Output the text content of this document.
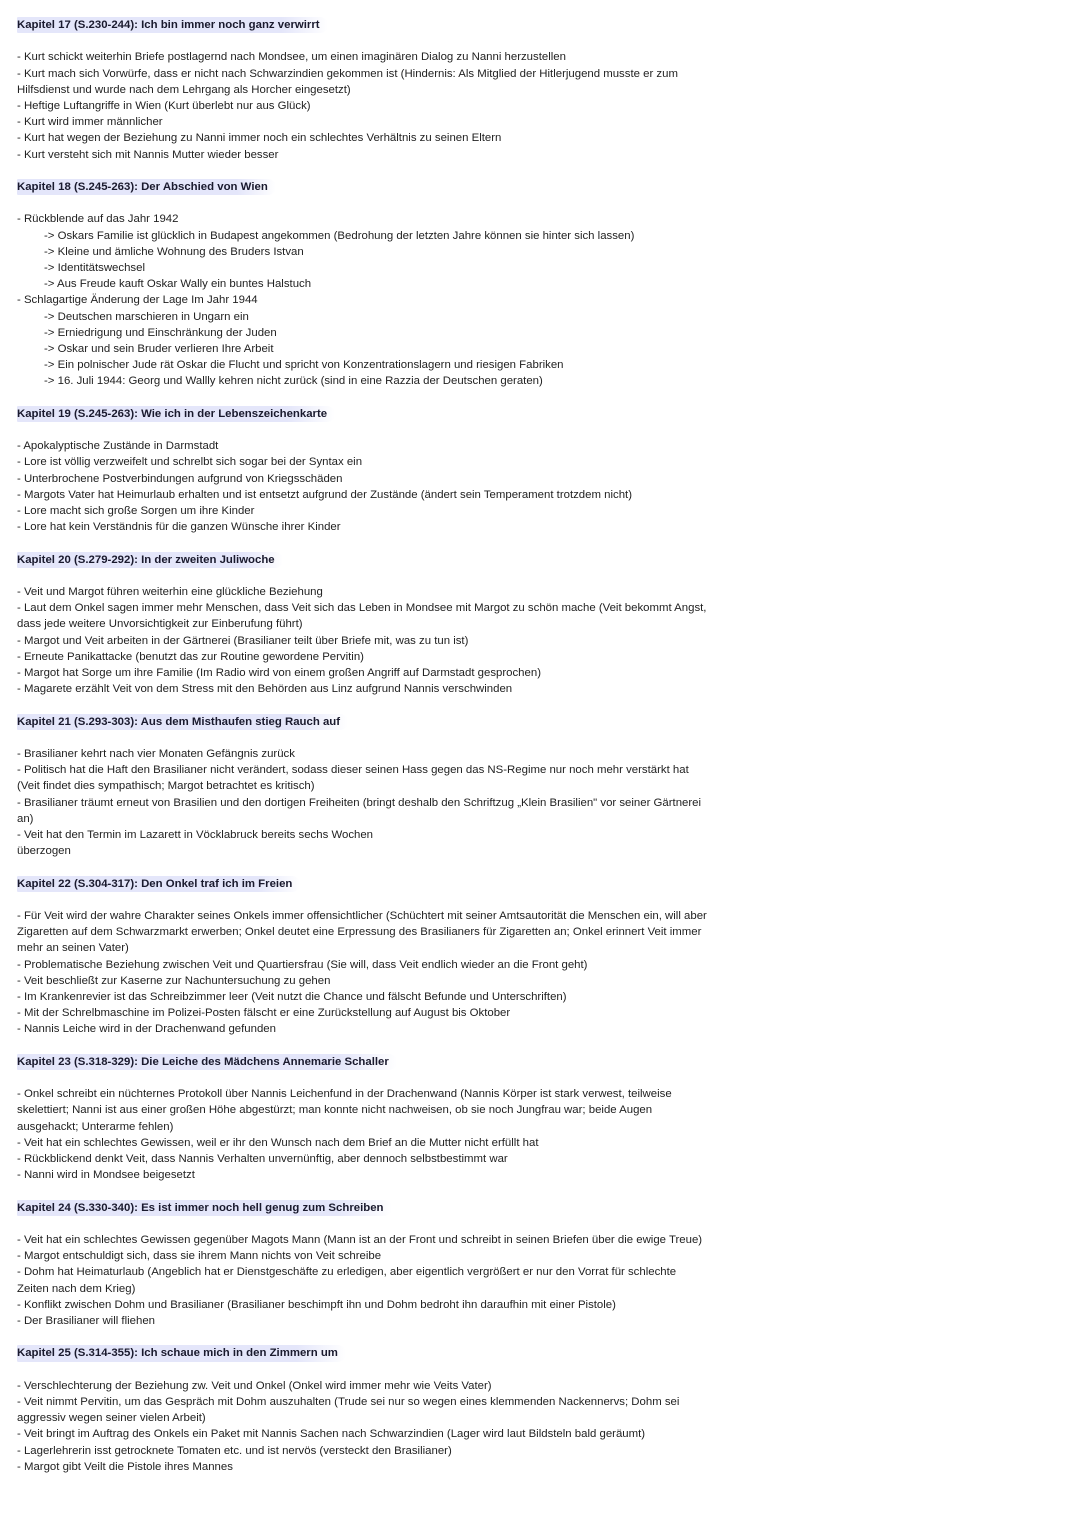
Kapitel 17 (S.230-244): Ich bin immer noch ganz verwirrt
- Kurt schickt weiterhin Briefe postlagernd nach Mondsee, um einen imaginären Dialog zu Nanni herzustellen
- Kurt mach sich Vorwürfe, dass er nicht nach Schwarzindien gekommen ist (Hindernis: Als Mitglied der Hitlerjugend musste er zum Hilfsdienst und wurde nach dem Lehrgang als Horcher eingesetzt)
- Heftige Luftangriffe in Wien (Kurt überlebt nur aus Glück)
- Kurt wird immer männlicher
- Kurt hat wegen der Beziehung zu Nanni immer noch ein schlechtes Verhältnis zu seinen Eltern
- Kurt versteht sich mit Nannis Mutter wieder besser
Kapitel 18 (S.245-263): Der Abschied von Wien
- Rückblende auf das Jahr 1942
-> Oskars Familie ist glücklich in Budapest angekommen (Bedrohung der letzten Jahre können sie hinter sich lassen)
-> Kleine und ämliche Wohnung des Bruders Istvan
-> Identitätswechsel
-> Aus Freude kauft Oskar Wally ein buntes Halstuch
- Schlagartige Änderung der Lage Im Jahr 1944
-> Deutschen marschieren in Ungarn ein
-> Erniedrigung und Einschränkung der Juden
-> Oskar und sein Bruder verlieren Ihre Arbeit
-> Ein polnischer Jude rät Oskar die Flucht und spricht von Konzentrationslagern und riesigen Fabriken
-> 16. Juli 1944: Georg und Wallly kehren nicht zurück (sind in eine Razzia der Deutschen geraten)
Kapitel 19 (S.245-263): Wie ich in der Lebenszeichenkarte
- Apokalyptische Zustände in Darmstadt
- Lore ist völlig verzweifelt und schrelbt sich sogar bei der Syntax ein
- Unterbrochene Postverbindungen aufgrund von Kriegsschäden
- Margots Vater hat Heimurlaub erhalten und ist entsetzt aufgrund der Zustände (ändert sein Temperament trotzdem nicht)
- Lore macht sich große Sorgen um ihre Kinder
- Lore hat kein Verständnis für die ganzen Wünsche ihrer Kinder
Kapitel 20 (S.279-292): In der zweiten Juliwoche
- Veit und Margot führen weiterhin eine glückliche Beziehung
- Laut dem Onkel sagen immer mehr Menschen, dass Veit sich das Leben in Mondsee mit Margot zu schön mache (Veit bekommt Angst, dass jede weitere Unvorsichtigkeit zur Einberufung führt)
- Margot und Veit arbeiten in der Gärtnerei (Brasilianer teilt über Briefe mit, was zu tun ist)
- Erneute Panikattacke (benutzt das zur Routine gewordene Pervitin)
- Margot hat Sorge um ihre Familie (Im Radio wird von einem großen Angriff auf Darmstadt gesprochen)
- Magarete erzählt Veit von dem Stress mit den Behörden aus Linz aufgrund Nannis verschwinden
Kapitel 21 (S.293-303): Aus dem Misthaufen stieg Rauch auf
- Brasilianer kehrt nach vier Monaten Gefängnis zurück
- Politisch hat die Haft den Brasilianer nicht verändert, sodass dieser seinen Hass gegen das NS-Regime nur noch mehr verstärkt hat (Veit findet dies sympathisch; Margot betrachtet es kritisch)
- Brasilianer träumt erneut von Brasilien und den dortigen Freiheiten (bringt deshalb den Schriftzug „Klein Brasilien" vor seiner Gärtnerei an)
- Veit hat den Termin im Lazarett in Vöcklabruck bereits sechs Wochen
überzogen
Kapitel 22 (S.304-317): Den Onkel traf ich im Freien
- Für Veit wird der wahre Charakter seines Onkels immer offensichtlicher (Schüchtert mit seiner Amtsautorität die Menschen ein, will aber Zigaretten auf dem Schwarzmarkt erwerben; Onkel deutet eine Erpressung des Brasilianers für Zigaretten an; Onkel erinnert Veit immer mehr an seinen Vater)
- Problematische Beziehung zwischen Veit und Quartiersfrau (Sie will, dass Veit endlich wieder an die Front geht)
- Veit beschließt zur Kaserne zur Nachuntersuchung zu gehen
- Im Krankenrevier ist das Schreibzimmer leer (Veit nutzt die Chance und fälscht Befunde und Unterschriften)
- Mit der Schrelbmaschine im Polizei-Posten fälscht er eine Zurückstellung auf August bis Oktober
- Nannis Leiche wird in der Drachenwand gefunden
Kapitel 23 (S.318-329): Die Leiche des Mädchens Annemarie Schaller
- Onkel schreibt ein nüchternes Protokoll über Nannis Leichenfund in der Drachenwand (Nannis Körper ist stark verwest, teilweise skelettiert; Nanni ist aus einer großen Höhe abgestürzt; man konnte nicht nachweisen, ob sie noch Jungfrau war; beide Augen ausgehackt; Unterarme fehlen)
- Veit hat ein schlechtes Gewissen, weil er ihr den Wunsch nach dem Brief an die Mutter nicht erfüllt hat
- Rückblickend denkt Veit, dass Nannis Verhalten unvernünftig, aber dennoch selbstbestimmt war
- Nanni wird in Mondsee beigesetzt
Kapitel 24 (S.330-340): Es ist immer noch hell genug zum Schreiben
- Veit hat ein schlechtes Gewissen gegenüber Magots Mann (Mann ist an der Front und schreibt in seinen Briefen über die ewige Treue)
- Margot entschuldigt sich, dass sie ihrem Mann nichts von Veit schreibe
- Dohm hat Heimaturlaub (Angeblich hat er Dienstgeschäfte zu erledigen, aber eigentlich vergrößert er nur den Vorrat für schlechte Zeiten nach dem Krieg)
- Konflikt zwischen Dohm und Brasilianer (Brasilianer beschimpft ihn und Dohm bedroht ihn daraufhin mit einer Pistole)
- Der Brasilianer will fliehen
Kapitel 25 (S.314-355): Ich schaue mich in den Zimmern um
- Verschlechterung der Beziehung zw. Veit und Onkel (Onkel wird immer mehr wie Veits Vater)
- Veit nimmt Pervitin, um das Gespräch mit Dohm auszuhalten (Trude sei nur so wegen eines klemmenden Nackennervs; Dohm sei aggressiv wegen seiner vielen Arbeit)
- Veit bringt im Auftrag des Onkels ein Paket mit Nannis Sachen nach Schwarzindien (Lager wird laut Bildsteln bald geräumt)
- Lagerlehrerin isst getrocknete Tomaten etc. und ist nervös (versteckt den Brasilianer)
- Margot gibt Veilt die Pistole ihres Mannes
